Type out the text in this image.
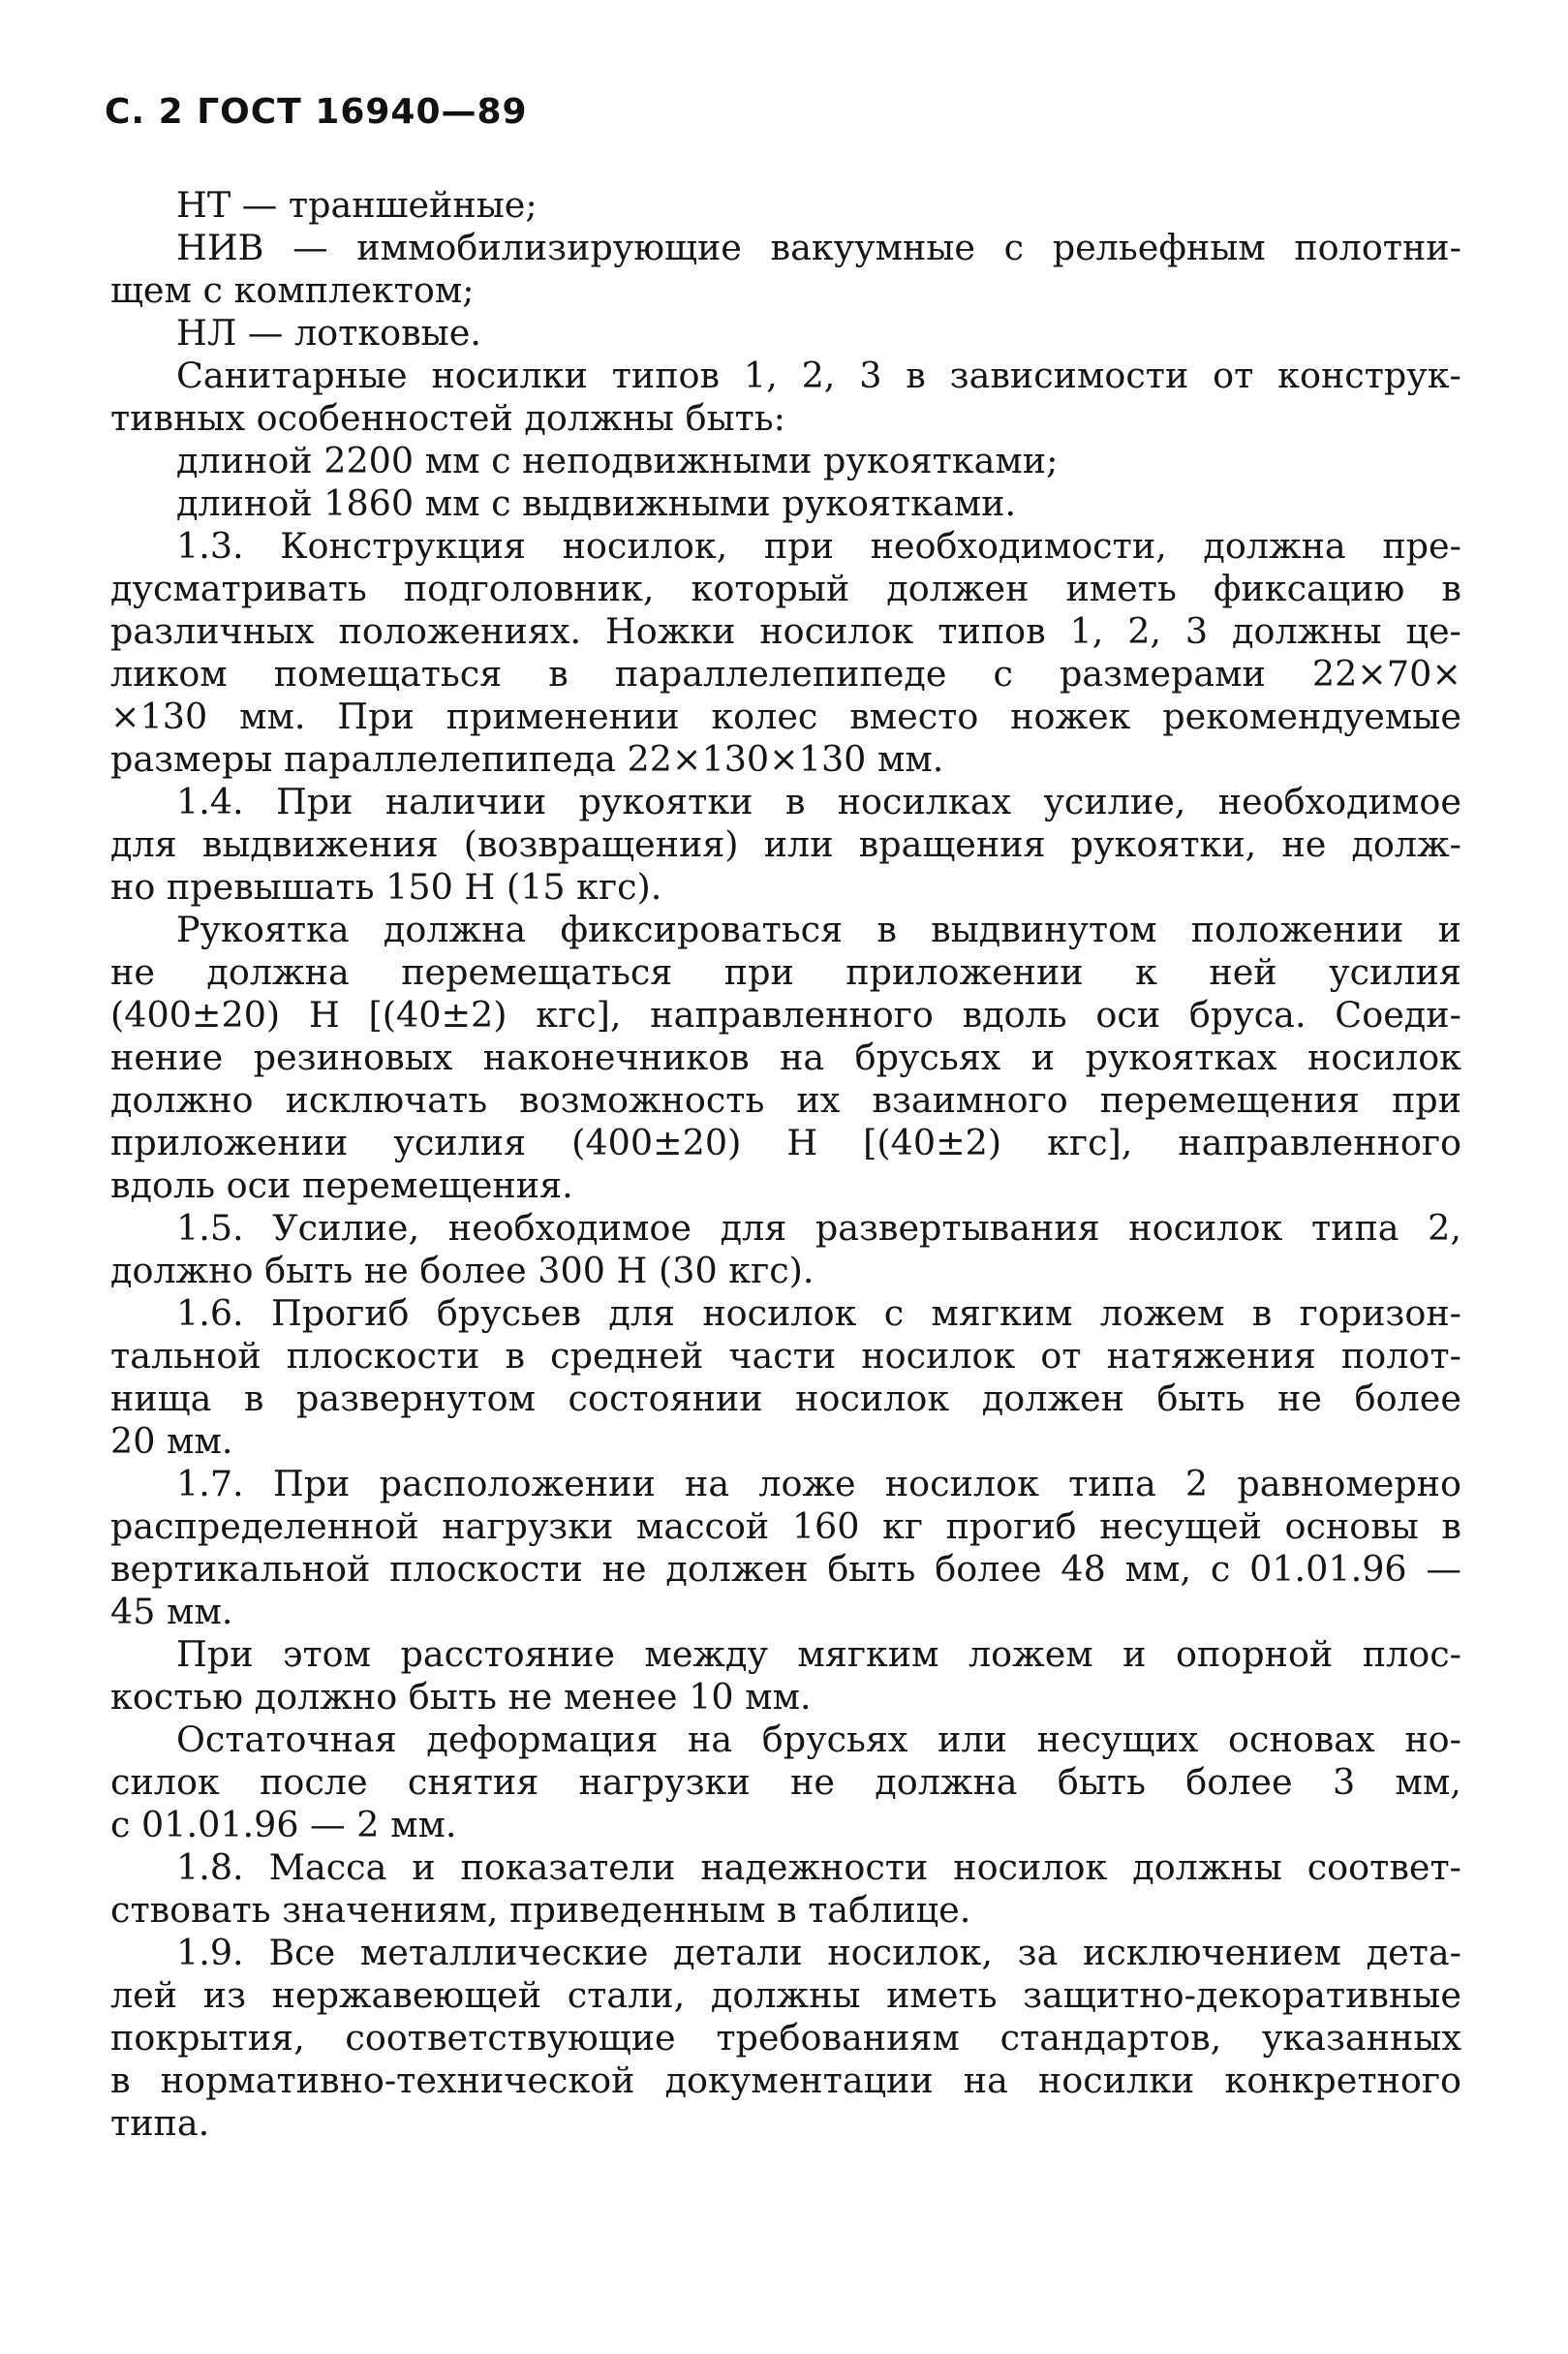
С. 2 ГОСТ 16940—89
НТ — траншейные;
НИВ — иммобилизирующие вакуумные с рельефным полотни-
щем с комплектом;
НЛ — лотковые.
Санитарные носилки типов 1, 2, 3 в зависимости от конструк-
тивных особенностей должны быть:
длиной 2200 мм с неподвижными рукоятками;
длиной 1860 мм с выдвижными рукоятками.
1.3. Конструкция носилок, при необходимости, должна пре-
дусматривать подголовник, который должен иметь фиксацию в
различных положениях. Ножки носилок типов 1, 2, 3 должны це-
ликом помещаться в параллелепипеде с размерами 22×70×
×130 мм. При применении колес вместо ножек рекомендуемые
размеры параллелепипеда 22×130×130 мм.
1.4. При наличии рукоятки в носилках усилие, необходимое
для выдвижения (возвращения) или вращения рукоятки, не долж-
но превышать 150 Н (15 кгс).
Рукоятка должна фиксироваться в выдвинутом положении и
не должна перемещаться при приложении к ней усилия
(400±20) Н [(40±2) кгс], направленного вдоль оси бруса. Соеди-
нение резиновых наконечников на брусьях и рукоятках носилок
должно исключать возможность их взаимного перемещения при
приложении усилия (400±20) Н [(40±2) кгс], направленного
вдоль оси перемещения.
1.5. Усилие, необходимое для развертывания носилок типа 2,
должно быть не более 300 Н (30 кгс).
1.6. Прогиб брусьев для носилок с мягким ложем в горизон-
тальной плоскости в средней части носилок от натяжения полот-
нища в развернутом состоянии носилок должен быть не более
20 мм.
1.7. При расположении на ложе носилок типа 2 равномерно
распределенной нагрузки массой 160 кг прогиб несущей основы в
вертикальной плоскости не должен быть более 48 мм, с 01.01.96 —
45 мм.
При этом расстояние между мягким ложем и опорной плос-
костью должно быть не менее 10 мм.
Остаточная деформация на брусьях или несущих основах но-
силок после снятия нагрузки не должна быть более 3 мм,
с 01.01.96 — 2 мм.
1.8. Масса и показатели надежности носилок должны соответ-
ствовать значениям, приведенным в таблице.
1.9. Все металлические детали носилок, за исключением дета-
лей из нержавеющей стали, должны иметь защитно-декоративные
покрытия, соответствующие требованиям стандартов, указанных
в нормативно-технической документации на носилки конкретного
типа.
